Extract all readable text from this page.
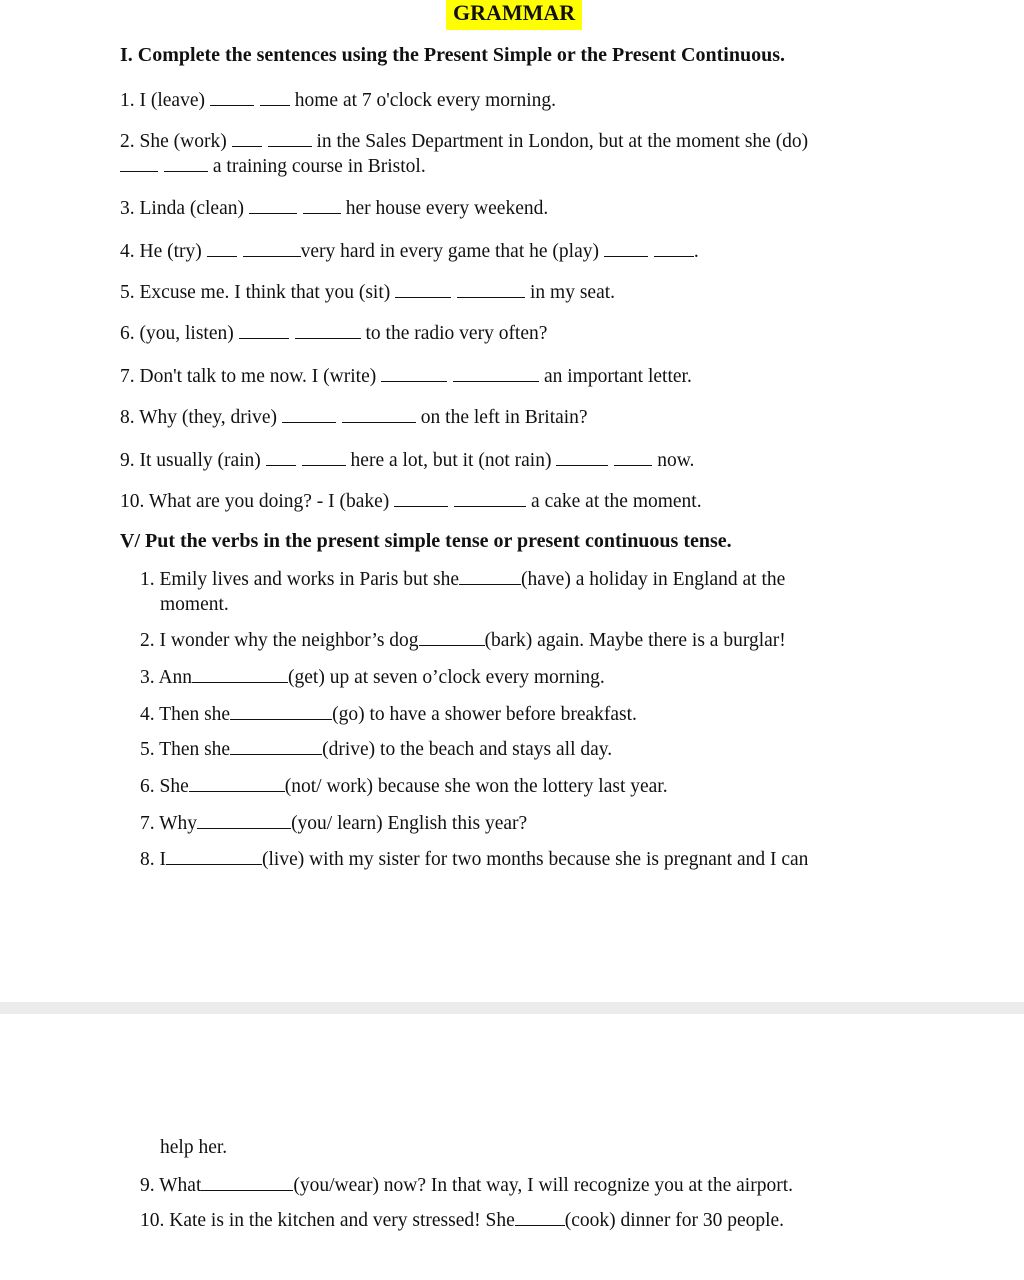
GRAMMAR
I. Complete the sentences using the Present Simple or the Present Continuous.
1. I (leave)	home at 7 o'clock every morning.
2. She (work)	in the Sales Department in London, but at the moment she (do)
a training course in Bristol.
3. Linda (clean)	her house every weekend.
4. He (try)	very hard in every game that he (play)	.
5. Excuse me. I think that you (sit)	in my seat.
6. (you, listen)	to the radio very often?
7. Don't talk to me now. I (write)	an important letter.
8. Why (they, drive)	on the left in Britain?
9. It usually (rain)	here a lot, but it (not rain)	now.
10. What are you doing? - I (bake)	a cake at the moment.
V/ Put the verbs in the present simple tense or present continuous tense.
1. Emily lives and works in Paris but she	(have) a holiday in England at the
moment.
2. I wonder why the neighbor’s dog	(bark) again. Maybe there is a burglar!
3. Ann	(get) up at seven o’clock every morning.
4. Then she	(go) to have a shower before breakfast.
5. Then she	(drive) to the beach and stays all day.
6. She	(not/ work) because she won the lottery last year.
7. Why	(you/ learn) English this year?
8. I	(live) with my sister for two months because she is pregnant and I can
help her.
9. What	(you/wear) now? In that way, I will recognize you at the airport.
10. Kate is in the kitchen and very stressed! She	(cook) dinner for 30 people.
